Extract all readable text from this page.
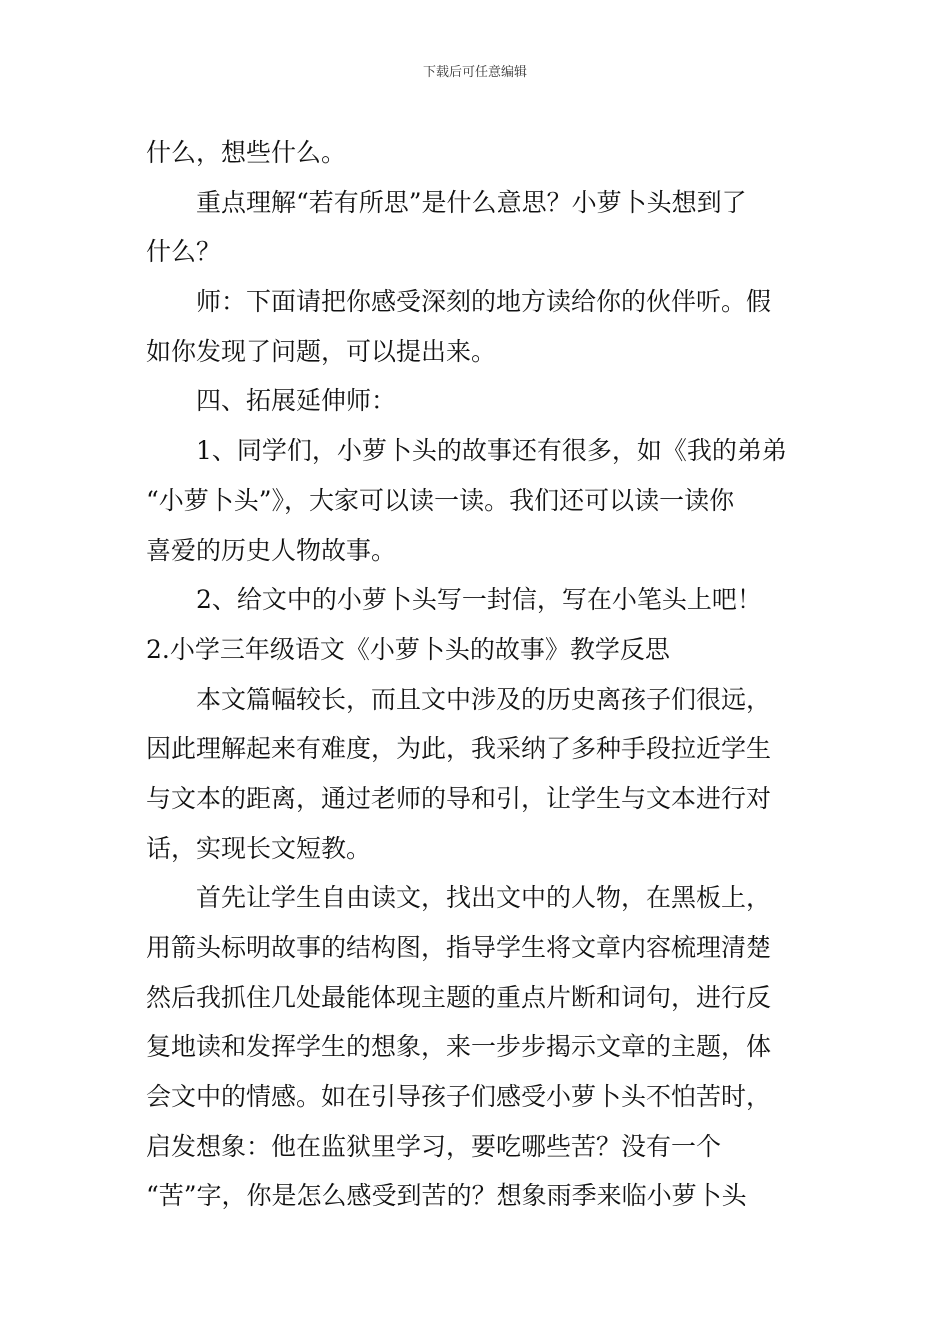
下载后可任意编辑
什么，想些什么。
重点理解“若有所思”是什么意思？小萝卜头想到了
什么？
师：下面请把你感受深刻的地方读给你的伙伴听。假
如你发现了问题，可以提出来。
四、拓展延伸师：
1、同学们，小萝卜头的故事还有很多，如《我的弟弟
“小萝卜头”》，大家可以读一读。我们还可以读一读你
喜爱的历史人物故事。
2、给文中的小萝卜头写一封信，写在小笔头上吧！
2.小学三年级语文《小萝卜头的故事》教学反思
本文篇幅较长，而且文中涉及的历史离孩子们很远，
因此理解起来有难度，为此，我采纳了多种手段拉近学生
与文本的距离，通过老师的导和引，让学生与文本进行对
话，实现长文短教。
首先让学生自由读文，找出文中的人物，在黑板上，
用箭头标明故事的结构图，指导学生将文章内容梳理清楚
然后我抓住几处最能体现主题的重点片断和词句，进行反
复地读和发挥学生的想象，来一步步揭示文章的主题，体
会文中的情感。如在引导孩子们感受小萝卜头不怕苦时，
启发想象：他在监狱里学习，要吃哪些苦？没有一个
“苦”字，你是怎么感受到苦的？想象雨季来临小萝卜头
